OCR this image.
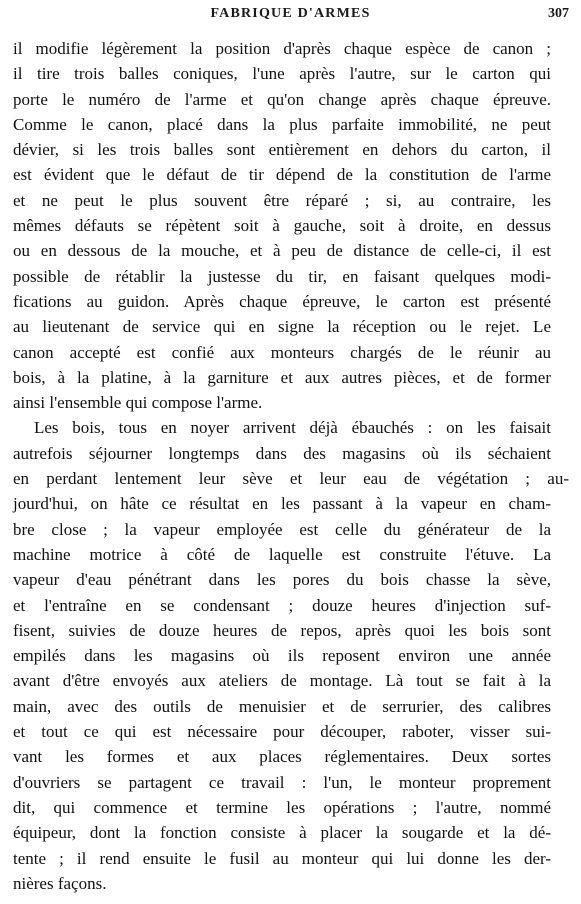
FABRIQUE D'ARMES	307
il modifie légèrement la position d'après chaque espèce de canon ;
il tire trois balles coniques, l'une après l'autre, sur le carton qui
porte le numéro de l'arme et qu'on change après chaque épreuve.
Comme le canon, placé dans la plus parfaite immobilité, ne peut
dévier, si les trois balles sont entièrement en dehors du carton, il
est évident que le défaut de tir dépend de la constitution de l'arme
et ne peut le plus souvent être réparé ; si, au contraire, les
mêmes défauts se répètent soit à gauche, soit à droite, en dessus
ou en dessous de la mouche, et à peu de distance de celle-ci, il est
possible de rétablir la justesse du tir, en faisant quelques modi-
fications au guidon. Après chaque épreuve, le carton est présenté
au lieutenant de service qui en signe la réception ou le rejet. Le
canon accepté est confié aux monteurs chargés de le réunir au
bois, à la platine, à la garniture et aux autres pièces, et de former
ainsi l'ensemble qui compose l'arme.
Les bois, tous en noyer arrivent déjà ébauchés : on les faisait
autrefois séjourner longtemps dans des magasins où ils séchaient
en perdant lentement leur sève et leur eau de végétation ; au-
jourd'hui, on hâte ce résultat en les passant à la vapeur en cham-
bre close ; la vapeur employée est celle du générateur de la
machine motrice à côté de laquelle est construite l'étuve. La
vapeur d'eau pénétrant dans les pores du bois chasse la sève,
et l'entraîne en se condensant ; douze heures d'injection suf-
fisent, suivies de douze heures de repos, après quoi les bois sont
empilés dans les magasins où ils reposent environ une année
avant d'être envoyés aux ateliers de montage. Là tout se fait à la
main, avec des outils de menuisier et de serrurier, des calibres
et tout ce qui est nécessaire pour découper, raboter, visser sui-
vant les formes et aux places réglementaires. Deux sortes
d'ouvriers se partagent ce travail : l'un, le monteur proprement
dit, qui commence et termine les opérations ; l'autre, nommé
équipeur, dont la fonction consiste à placer la sougarde et la dé-
tente ; il rend ensuite le fusil au monteur qui lui donne les der-
nières façons.
